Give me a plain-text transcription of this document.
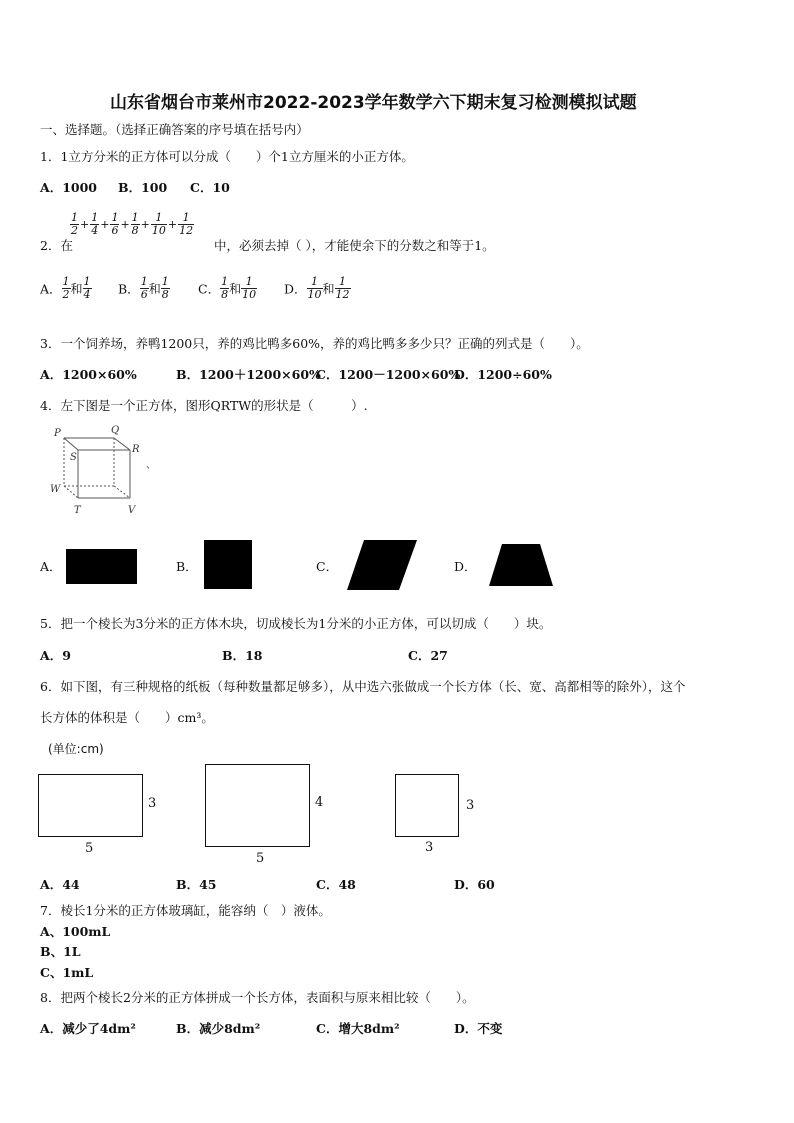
山东省烟台市莱州市2022-2023学年数学六下期末复习检测模拟试题
一、选择题。（选择正确答案的序号填在括号内）
1．1立方分米的正方体可以分成（　　）个1立方厘米的小正方体。
A．1000 B．100 C．10
2．在
$\frac{1}{2} + \frac{1}{4} + \frac{1}{6} + \frac{1}{8} + \frac{1}{10} + \frac{1}{12}$
中，必须去掉（ ），才能使余下的分数之和等于1。
A． $\frac{1}{2}$ 和 $\frac{1}{4}$ B． $\frac{1}{6}$ 和 $\frac{1}{8}$ C． $\frac{1}{8}$ 和 $\frac{1}{10}$ D． $\frac{1}{10}$ 和 $\frac{1}{12}$
3．一个饲养场，养鸭1200只，养的鸡比鸭多60%，养的鸡比鸭多多少只？正确的列式是（　　）。
A．1200×60%	B．1200＋1200×60%
C．1200－1200×60%
D．1200÷60%
4．左下图是一个正方体，图形QRTW的形状是（　　　）.
P	Q
R
S
W
T	V
、
A．	B．	C．	D．
5．把一个棱长为3分米的正方体木块，切成棱长为1分米的小正方体，可以切成（　　）块。
A．9	B．18	C．27
6．如下图，有三种规格的纸板（每种数量都足够多），从中选六张做成一个长方体（长、宽、高都相等的除外），这个
长方体的体积是（　　）cm³。
(单位:cm)
3
5
4
5
3
3
A．44	B．45	C．48	D．60
7．棱长1分米的正方体玻璃缸，能容纳（　）液体。
A、100mL
B、1L
C、1mL
8．把两个棱长2分米的正方体拼成一个长方体，表面积与原来相比较（　　）。
A．减少了4dm²	B．减少8dm²	C．增大8dm²	D．不变
